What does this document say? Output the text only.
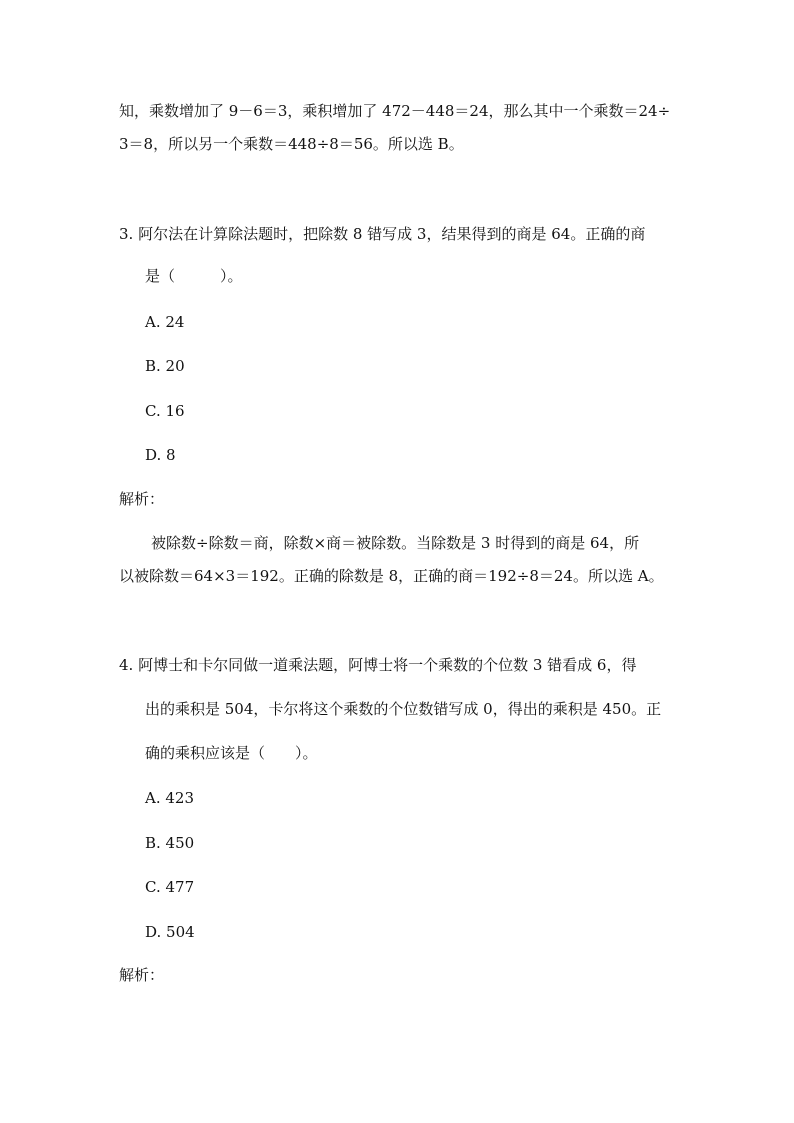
知，乘数增加了 9－6＝3，乘积增加了 472－448＝24，那么其中一个乘数＝24÷
3＝8，所以另一个乘数＝448÷8＝56。所以选 B。
3. 阿尔法在计算除法题时，把除数 8 错写成 3，结果得到的商是 64。正确的商
是（　　　）。
A. 24
B. 20
C. 16
D. 8
解析：
被除数÷除数＝商，除数×商＝被除数。当除数是 3 时得到的商是 64，所
以被除数＝64×3＝192。正确的除数是 8，正确的商＝192÷8＝24。所以选 A。
4. 阿博士和卡尔同做一道乘法题，阿博士将一个乘数的个位数 3 错看成 6，得
出的乘积是 504，卡尔将这个乘数的个位数错写成 0，得出的乘积是 450。正
确的乘积应该是（　　）。
A. 423
B. 450
C. 477
D. 504
解析：
